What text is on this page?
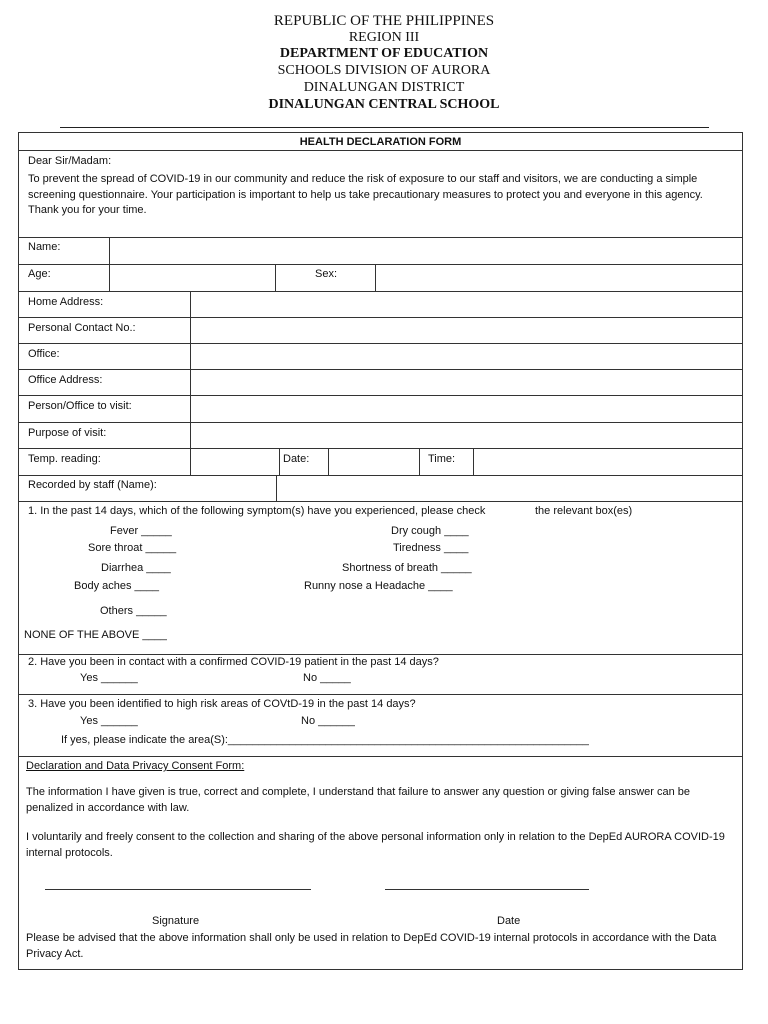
REPUBLIC OF THE PHILIPPINES
REGION III
DEPARTMENT OF EDUCATION
SCHOOLS DIVISION OF AURORA
DINALUNGAN DISTRICT
DINALUNGAN CENTRAL SCHOOL
HEALTH DECLARATION FORM
Dear Sir/Madam:
To prevent the spread of COVID-19 in our community and reduce the risk of exposure to our staff and visitors, we are conducting a simple screening questionnaire. Your participation is important to help us take precautionary measures to protect you and everyone in this agency. Thank you for your time.
Name:
Age:	Sex:
Home Address:
Personal Contact No.:
Office:
Office Address:
Person/Office to visit:
Purpose of visit:
Temp. reading:	Date:	Time:
Recorded by staff (Name):
1. In the past 14 days, which of the following symptom(s) have you experienced, please check	the relevant box(es)
Fever _____	Dry cough ____
Sore throat _____	Tiredness ____
Diarrhea ____	Shortness of breath _____
Body aches ____	Runny nose a Headache ____
Others _____
NONE OF THE ABOVE ____
2. Have you been in contact with a confirmed COVID-19 patient in the past 14 days?
Yes ______	No _____
3. Have you been identified to high risk areas of COVtD-19 in the past 14 days?
Yes ______	No ______
If yes, please indicate the area(S):___________________________________________________________
Declaration and Data Privacy Consent Form:
The information I have given is true, correct and complete, I understand that failure to answer any question or giving false answer can be penalized in accordance with law.
I voluntarily and freely consent to the collection and sharing of the above personal information only in relation to the DepEd AURORA COVID-19 internal protocols.
Signature	Date
Please be advised that the above information shall only be used in relation to DepEd COVID-19 internal protocols in accordance with the Data Privacy Act.
